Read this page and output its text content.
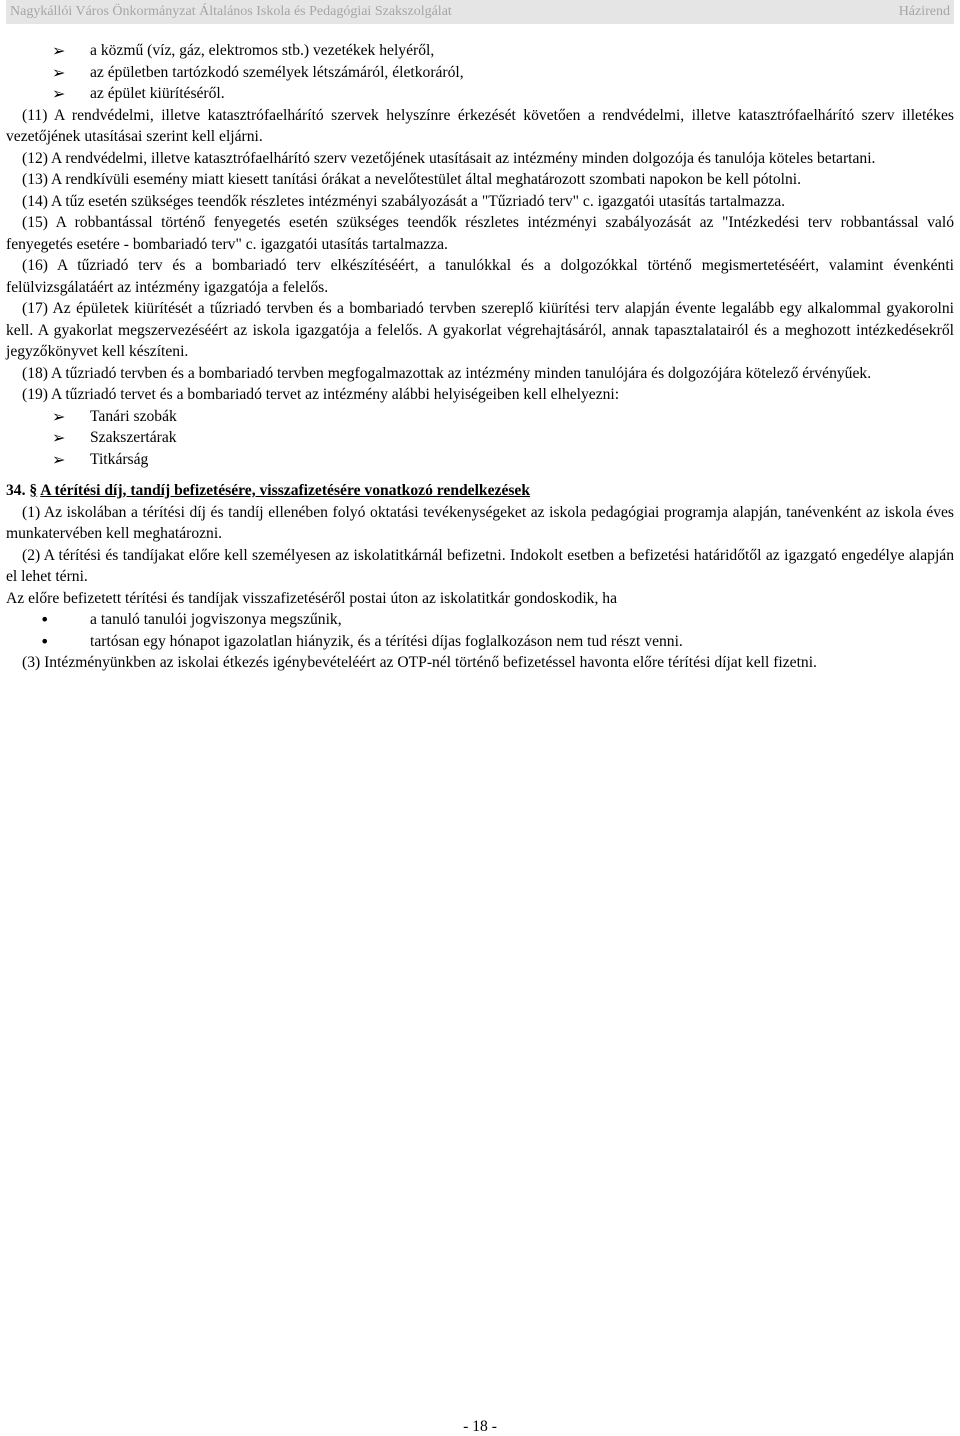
Nagykállói Város Önkormányzat Általános Iskola és Pedagógiai Szakszolgálat	Házirend
➢ a közmű (víz, gáz, elektromos stb.) vezetékek helyéről,
➢ az épületben tartózkodó személyek létszámáról, életkoráról,
➢ az épület kiürítéséről.

(11) A rendvédelmi, illetve katasztrófaelhárító szervek helyszínre érkezését követően a rendvédelmi, illetve katasztrófaelhárító szerv illetékes vezetőjének utasításai szerint kell eljárni.

(12) A rendvédelmi, illetve katasztrófaelhárító szerv vezetőjének utasításait az intézmény minden dolgozója és tanulója köteles betartani.

(13) A rendkívüli esemény miatt kiesett tanítási órákat a nevelőtestület által meghatározott szombati napokon be kell pótolni.

(14) A tűz esetén szükséges teendők részletes intézményi szabályozását a "Tűzriadó terv" c. igazgatói utasítás tartalmazza.

(15) A robbantással történő fenyegetés esetén szükséges teendők részletes intézményi szabályozását az "Intézkedési terv robbantással való fenyegetés esetére - bombariadó terv" c. igazgatói utasítás tartalmazza.

(16) A tűzriadó terv és a bombariadó terv elkészítéséért, a tanulókkal és a dolgozókkal történő megismertetéséért, valamint évenkénti felülvizsgálatáért az intézmény igazgatója a felelős.

(17) Az épületek kiürítését a tűzriadó tervben és a bombariadó tervben szereplő kiürítési terv alapján évente legalább egy alkalommal gyakorolni kell. A gyakorlat megszervezéséért az iskola igazgatója a felelős. A gyakorlat végrehajtásáról, annak tapasztalatairól és a meghozott intézkedésekről jegyzőkönyvet kell készíteni.

(18) A tűzriadó tervben és a bombariadó tervben megfogalmazottak az intézmény minden tanulójára és dolgozójára kötelező érvényűek.

(19) A tűzriadó tervet és a bombariadó tervet az intézmény alábbi helyiségeiben kell elhelyezni:

➢ Tanári szobák
➢ Szakszertárak
➢ Titkárság

34. § A térítési díj, tandíj befizetésére, visszafizetésére vonatkozó rendelkezések

(1) Az iskolában a térítési díj és tandíj ellenében folyó oktatási tevékenységeket az iskola pedagógiai programja alapján, tanévenként az iskola éves munkatervében kell meghatározni.

(2) A térítési és tandíjakat előre kell személyesen az iskolatitkárnál befizetni. Indokolt esetben a befizetési határidőtől az igazgató engedélye alapján el lehet térni.

Az előre befizetett térítési és tandíjak visszafizetéséről postai úton az iskolatitkár gondoskodik, ha

•	a tanuló tanulói jogviszonya megszűnik,
•	tartósan egy hónapot igazolatlan hiányzik, és a térítési díjas foglalkozáson nem tud részt venni.

(3) Intézményünkben az iskolai étkezés igénybevételéért az OTP-nél történő befizetéssel havonta előre térítési díjat kell fizetni.

- 18 -
